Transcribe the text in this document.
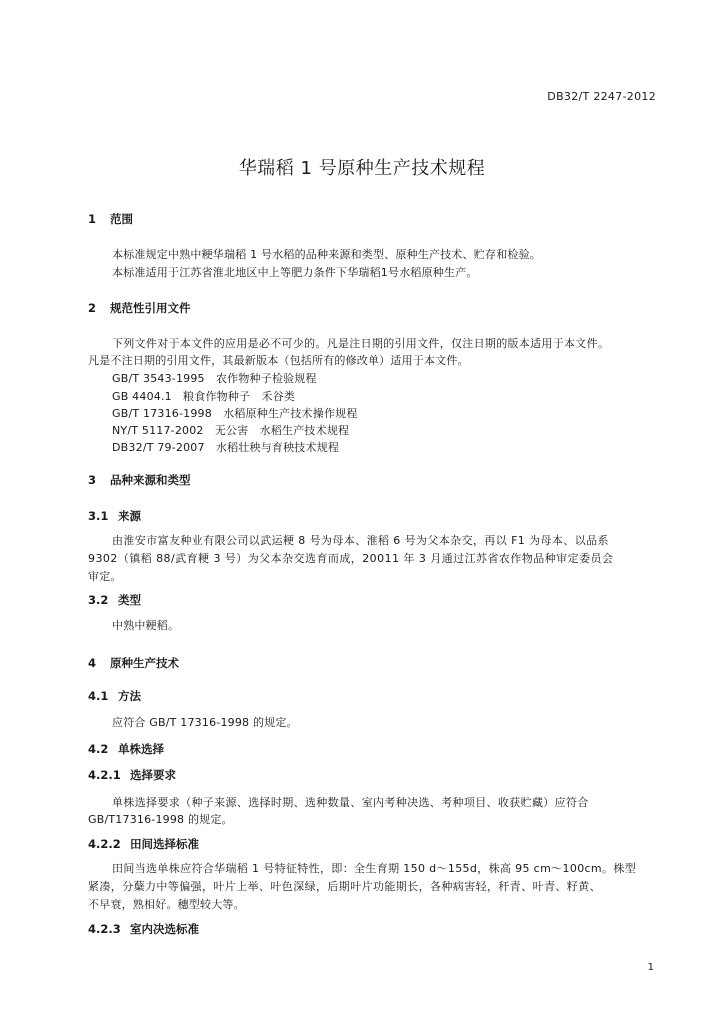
DB32/T 2247-2012
华瑞稻 1 号原种生产技术规程
1 范围
本标准规定中熟中粳华瑞稻 1 号水稻的品种来源和类型、原种生产技术、贮存和检验。
本标准适用于江苏省淮北地区中上等肥力条件下华瑞稻1号水稻原种生产。
2 规范性引用文件
下列文件对于本文件的应用是必不可少的。凡是注日期的引用文件，仅注日期的版本适用于本文件。
凡是不注日期的引用文件，其最新版本（包括所有的修改单）适用于本文件。
GB/T 3543-1995　农作物种子检验规程
GB 4404.1　粮食作物种子　禾谷类
GB/T 17316-1998　水稻原种生产技术操作规程
NY/T 5117-2002　无公害　水稻生产技术规程
DB32/T 79-2007　水稻壮秧与育秧技术规程
3 品种来源和类型
3.1 来源
由淮安市富友种业有限公司以武运粳 8 号为母本、淮稻 6 号为父本杂交，再以 F1 为母本、以品系
9302（镇稻 88/武育粳 3 号）为父本杂交选育而成，20011 年 3 月通过江苏省农作物品种审定委员会
审定。
3.2 类型
中熟中粳稻。
4 原种生产技术
4.1 方法
应符合 GB/T 17316-1998 的规定。
4.2 单株选择
4.2.1 选择要求
单株选择要求（种子来源、选择时期、选种数量、室内考种决选、考种项目、收获贮藏）应符合
GB/T17316-1998 的规定。
4.2.2 田间选择标准
田间当选单株应符合华瑞稻 1 号特征特性，即：全生育期 150 d～155d，株高 95 cm～100cm。株型
紧凑，分蘖力中等偏强，叶片上举、叶色深绿，后期叶片功能期长，各种病害轻，秆青、叶青、籽黄、
不早衰，熟相好。穗型较大等。
4.2.3 室内决选标准
1
